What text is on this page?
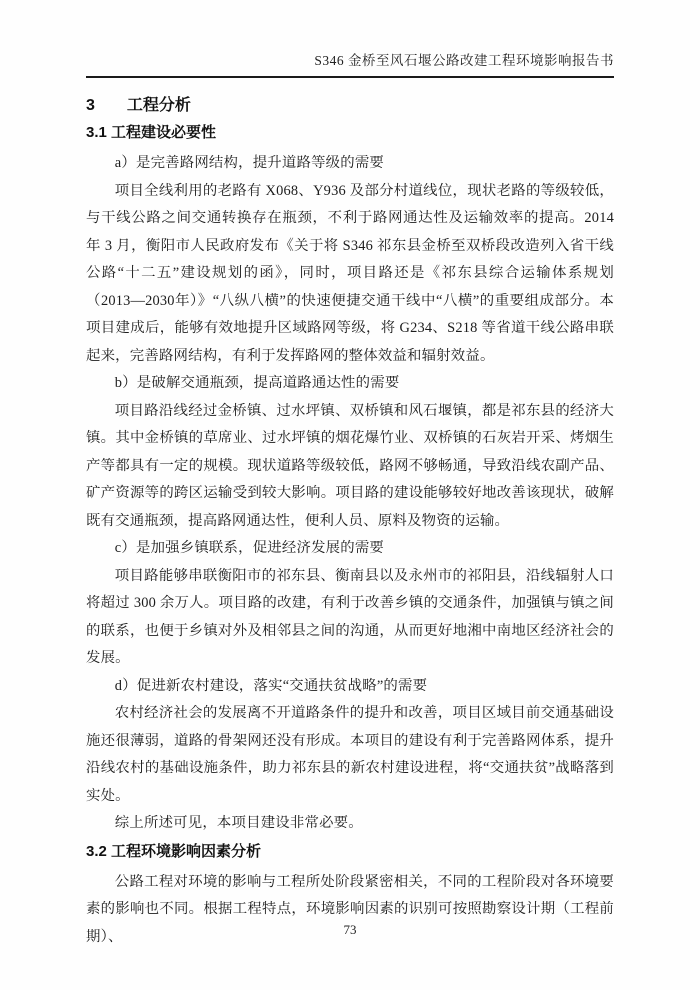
S346 金桥至风石堰公路改建工程环境影响报告书
3　　工程分析
3.1 工程建设必要性

a）是完善路网结构，提升道路等级的需要

项目全线利用的老路有 X068、Y936 及部分村道线位，现状老路的等级较低，与干线公路之间交通转换存在瓶颈，不利于路网通达性及运输效率的提高。2014 年 3 月，衡阳市人民政府发布《关于将 S346 祁东县金桥至双桥段改造列入省干线公路“十二五”建设规划的函》，同时，项目路还是《祁东县综合运输体系规划（2013—2030年）》“八纵八横”的快速便捷交通干线中“八横”的重要组成部分。本项目建成后，能够有效地提升区域路网等级，将 G234、S218 等省道干线公路串联起来，完善路网结构，有利于发挥路网的整体效益和辐射效益。

b）是破解交通瓶颈，提高道路通达性的需要

项目路沿线经过金桥镇、过水坪镇、双桥镇和风石堰镇，都是祁东县的经济大镇。其中金桥镇的草席业、过水坪镇的烟花爆竹业、双桥镇的石灰岩开采、烤烟生产等都具有一定的规模。现状道路等级较低，路网不够畅通，导致沿线农副产品、矿产资源等的跨区运输受到较大影响。项目路的建设能够较好地改善该现状，破解既有交通瓶颈，提高路网通达性，便利人员、原料及物资的运输。

c）是加强乡镇联系，促进经济发展的需要

项目路能够串联衡阳市的祁东县、衡南县以及永州市的祁阳县，沿线辐射人口将超过 300 余万人。项目路的改建，有利于改善乡镇的交通条件，加强镇与镇之间的联系，也便于乡镇对外及相邻县之间的沟通，从而更好地湘中南地区经济社会的发展。

d）促进新农村建设，落实“交通扶贫战略”的需要

农村经济社会的发展离不开道路条件的提升和改善，项目区域目前交通基础设施还很薄弱，道路的骨架网还没有形成。本项目的建设有利于完善路网体系，提升沿线农村的基础设施条件，助力祁东县的新农村建设进程，将“交通扶贫”战略落到实处。

综上所述可见，本项目建设非常必要。

3.2 工程环境影响因素分析

公路工程对环境的影响与工程所处阶段紧密相关，不同的工程阶段对各环境要素的影响也不同。根据工程特点，环境影响因素的识别可按照勘察设计期（工程前期）、	73
